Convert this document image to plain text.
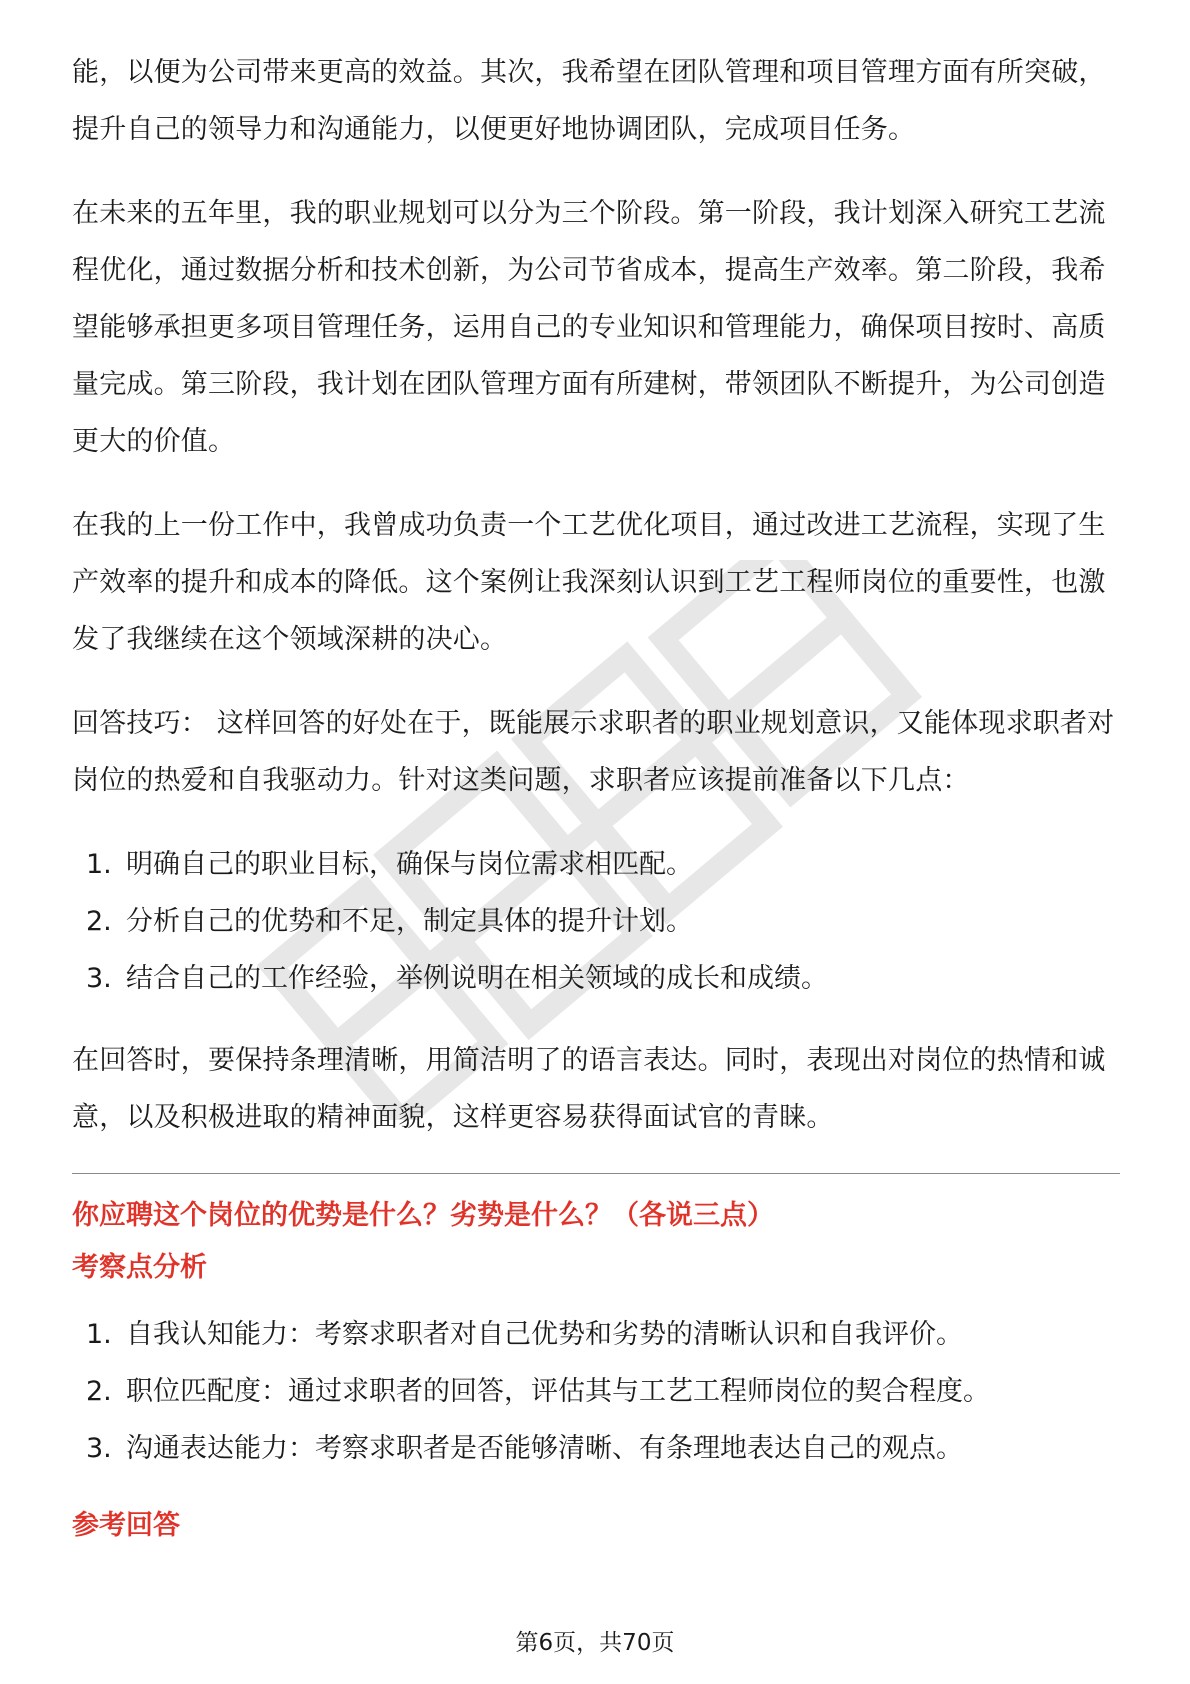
能，以便为公司带来更高的效益。其次，我希望在团队管理和项目管理方面有所突破，提升自己的领导力和沟通能力，以便更好地协调团队，完成项目任务。

在未来的五年里，我的职业规划可以分为三个阶段。第一阶段，我计划深入研究工艺流程优化，通过数据分析和技术创新，为公司节省成本，提高生产效率。第二阶段，我希望能够承担更多项目管理任务，运用自己的专业知识和管理能力，确保项目按时、高质量完成。第三阶段，我计划在团队管理方面有所建树，带领团队不断提升，为公司创造更大的价值。

在我的上一份工作中，我曾成功负责一个工艺优化项目，通过改进工艺流程，实现了生产效率的提升和成本的降低。这个案例让我深刻认识到工艺工程师岗位的重要性，也激发了我继续在这个领域深耕的决心。

回答技巧： 这样回答的好处在于，既能展示求职者的职业规划意识，又能体现求职者对岗位的热爱和自我驱动力。针对这类问题，求职者应该提前准备以下几点：

1. 明确自己的职业目标，确保与岗位需求相匹配。
2. 分析自己的优势和不足，制定具体的提升计划。
3. 结合自己的工作经验，举例说明在相关领域的成长和成绩。

在回答时，要保持条理清晰，用简洁明了的语言表达。同时，表现出对岗位的热情和诚意，以及积极进取的精神面貌，这样更容易获得面试官的青睐。

你应聘这个岗位的优势是什么？劣势是什么？（各说三点）

考察点分析

1. 自我认知能力：考察求职者对自己优势和劣势的清晰认识和自我评价。
2. 职位匹配度：通过求职者的回答，评估其与工艺工程师岗位的契合程度。
3. 沟通表达能力：考察求职者是否能够清晰、有条理地表达自己的观点。

参考回答

第6页，共70页
